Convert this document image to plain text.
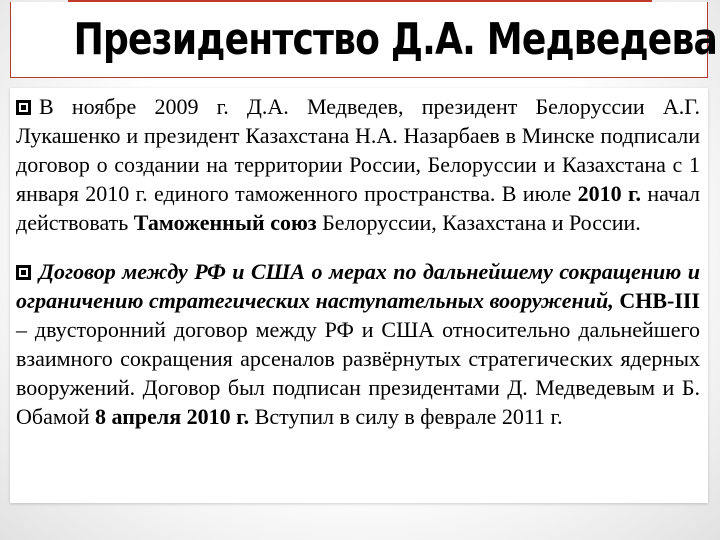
Президентство Д.А. Медведева

В ноябре 2009 г. Д.А. Медведев, президент Белоруссии А.Г. Лукашенко и президент Казахстана Н.А. Назарбаев в Минске подписали договор о создании на территории России, Белоруссии и Казахстана с 1 января 2010 г. единого таможенного пространства. В июле 2010 г. начал действовать Таможенный союз Белоруссии, Казахстана и России.

Договор между РФ и США о мерах по дальнейшему сокращению и ограничению стратегических наступательных вооружений, СНВ-III – двусторонний договор между РФ и США относительно дальнейшего взаимного сокращения арсеналов развёрнутых стратегических ядерных вооружений. Договор был подписан президентами Д. Медведевым и Б. Обамой 8 апреля 2010 г. Вступил в силу в феврале 2011 г.
